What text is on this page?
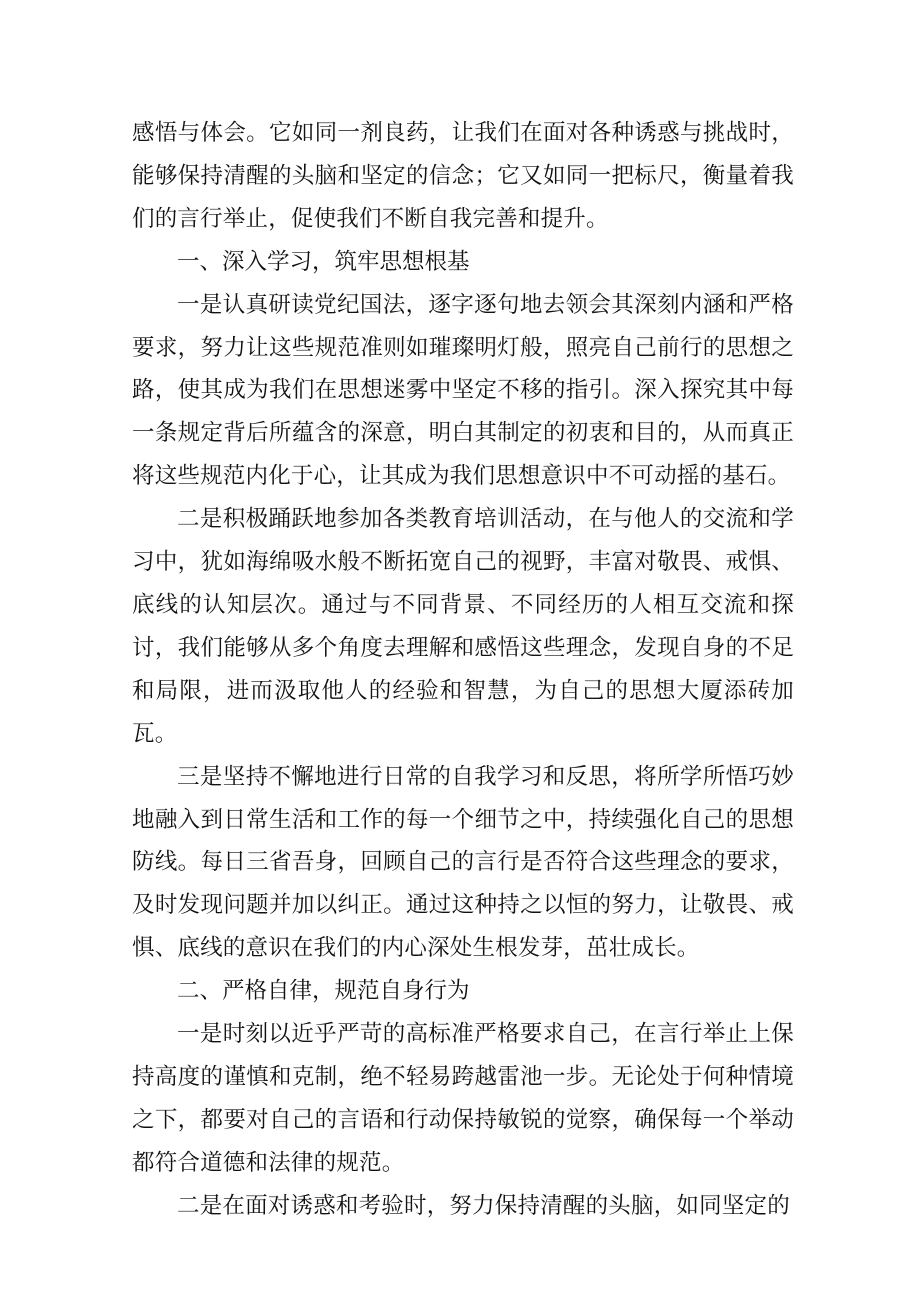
感悟与体会。它如同一剂良药，让我们在面对各种诱惑与挑战时，能够保持清醒的头脑和坚定的信念；它又如同一把标尺，衡量着我们的言行举止，促使我们不断自我完善和提升。

一、深入学习，筑牢思想根基

一是认真研读党纪国法，逐字逐句地去领会其深刻内涵和严格要求，努力让这些规范准则如璀璨明灯般，照亮自己前行的思想之路，使其成为我们在思想迷雾中坚定不移的指引。深入探究其中每一条规定背后所蕴含的深意，明白其制定的初衷和目的，从而真正将这些规范内化于心，让其成为我们思想意识中不可动摇的基石。

二是积极踊跃地参加各类教育培训活动，在与他人的交流和学习中，犹如海绵吸水般不断拓宽自己的视野，丰富对敬畏、戒惧、底线的认知层次。通过与不同背景、不同经历的人相互交流和探讨，我们能够从多个角度去理解和感悟这些理念，发现自身的不足和局限，进而汲取他人的经验和智慧，为自己的思想大厦添砖加瓦。

三是坚持不懈地进行日常的自我学习和反思，将所学所悟巧妙地融入到日常生活和工作的每一个细节之中，持续强化自己的思想防线。每日三省吾身，回顾自己的言行是否符合这些理念的要求，及时发现问题并加以纠正。通过这种持之以恒的努力，让敬畏、戒惧、底线的意识在我们的内心深处生根发芽，茁壮成长。

二、严格自律，规范自身行为

一是时刻以近乎严苛的高标准严格要求自己，在言行举止上保持高度的谨慎和克制，绝不轻易跨越雷池一步。无论处于何种情境之下，都要对自己的言语和行动保持敏锐的觉察，确保每一个举动都符合道德和法律的规范。

二是在面对诱惑和考验时，努力保持清醒的头脑，如同坚定的
